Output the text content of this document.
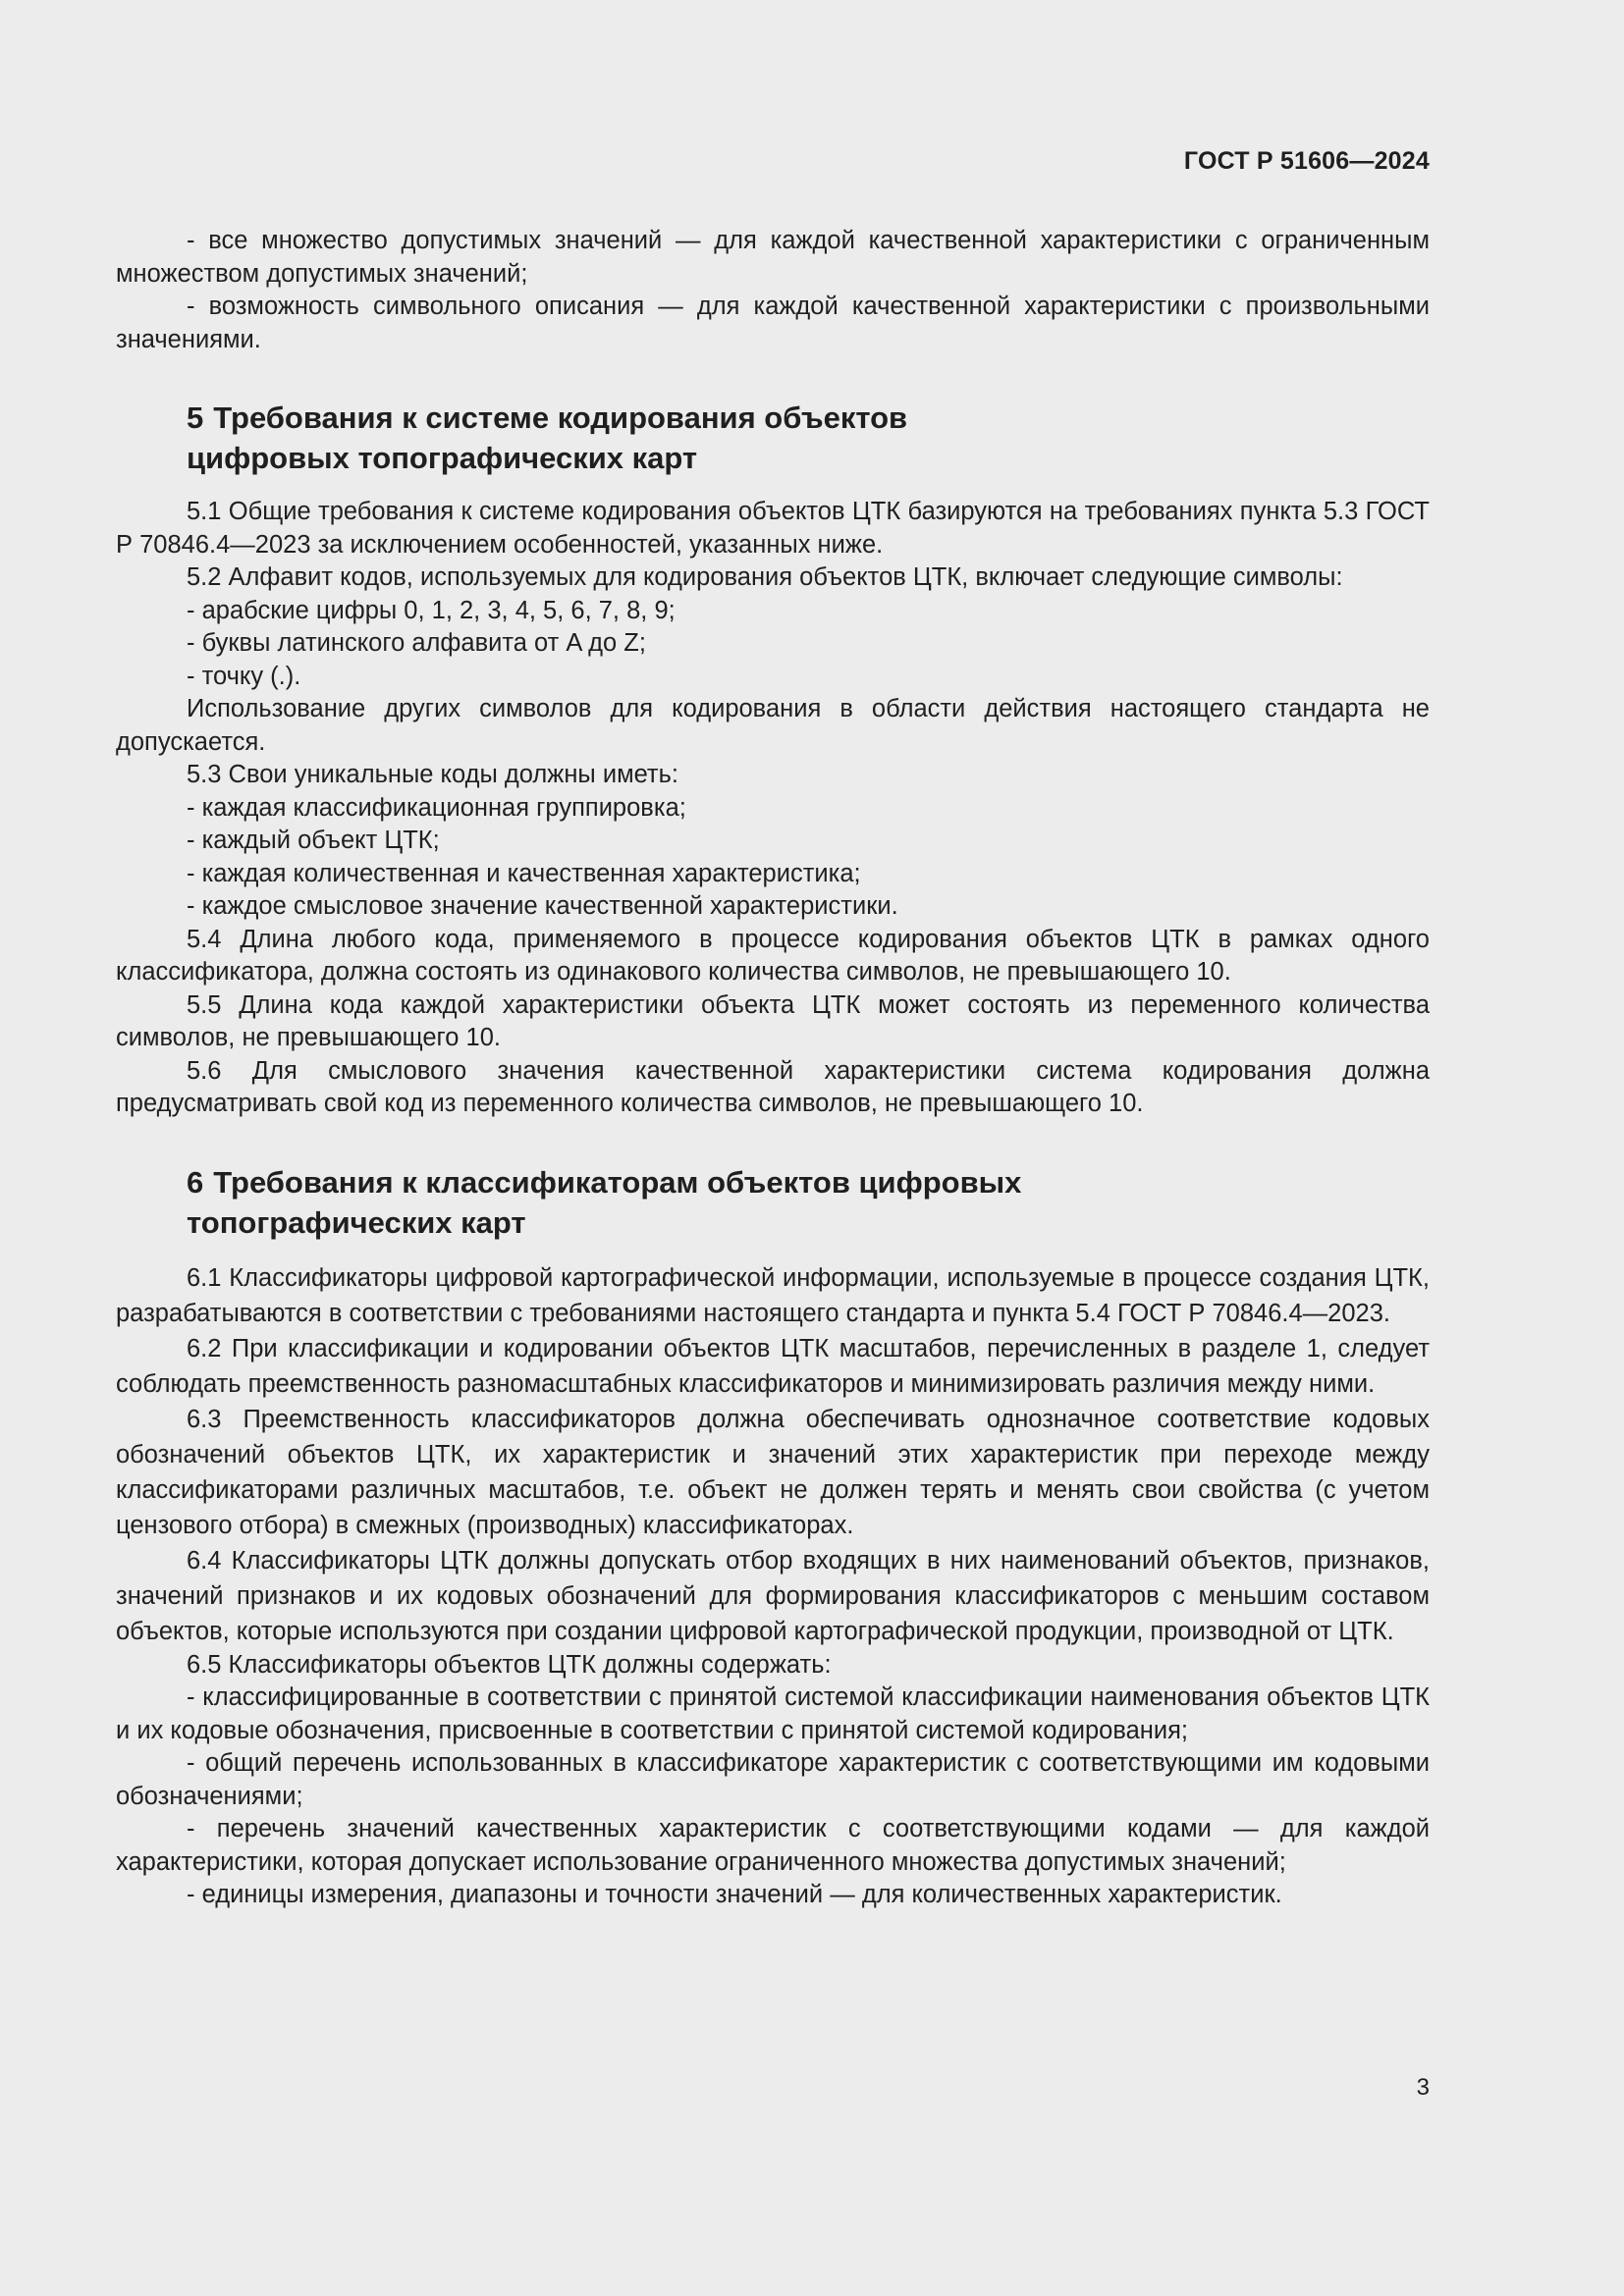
ГОСТ Р 51606—2024

- все множество допустимых значений — для каждой качественной характеристики с ограниченным множеством допустимых значений;

- возможность символьного описания — для каждой качественной характеристики с произвольными значениями.

5 Требования к системе кодирования объектов
цифровых топографических карт

5.1 Общие требования к системе кодирования объектов ЦТК базируются на требованиях пункта 5.3 ГОСТ Р 70846.4—2023 за исключением особенностей, указанных ниже.

5.2 Алфавит кодов, используемых для кодирования объектов ЦТК, включает следующие символы:

- арабские цифры 0, 1, 2, 3, 4, 5, 6, 7, 8, 9;

- буквы латинского алфавита от A до Z;

- точку (.).

Использование других символов для кодирования в области действия настоящего стандарта не допускается.

5.3 Свои уникальные коды должны иметь:

- каждая классификационная группировка;

- каждый объект ЦТК;

- каждая количественная и качественная характеристика;

- каждое смысловое значение качественной характеристики.

5.4 Длина любого кода, применяемого в процессе кодирования объектов ЦТК в рамках одного классификатора, должна состоять из одинакового количества символов, не превышающего 10.

5.5 Длина кода каждой характеристики объекта ЦТК может состоять из переменного количества символов, не превышающего 10.

5.6 Для смыслового значения качественной характеристики система кодирования должна предусматривать свой код из переменного количества символов, не превышающего 10.

6 Требования к классификаторам объектов цифровых
топографических карт

6.1 Классификаторы цифровой картографической информации, используемые в процессе создания ЦТК, разрабатываются в соответствии с требованиями настоящего стандарта и пункта 5.4 ГОСТ Р 70846.4—2023.

6.2 При классификации и кодировании объектов ЦТК масштабов, перечисленных в разделе 1, следует соблюдать преемственность разномасштабных классификаторов и минимизировать различия между ними.

6.3 Преемственность классификаторов должна обеспечивать однозначное соответствие кодовых обозначений объектов ЦТК, их характеристик и значений этих характеристик при переходе между классификаторами различных масштабов, т.е. объект не должен терять и менять свои свойства (с учетом цензового отбора) в смежных (производных) классификаторах.

6.4 Классификаторы ЦТК должны допускать отбор входящих в них наименований объектов, признаков, значений признаков и их кодовых обозначений для формирования классификаторов с меньшим составом объектов, которые используются при создании цифровой картографической продукции, производной от ЦТК.

6.5 Классификаторы объектов ЦТК должны содержать:

- классифицированные в соответствии с принятой системой классификации наименования объектов ЦТК и их кодовые обозначения, присвоенные в соответствии с принятой системой кодирования;

- общий перечень использованных в классификаторе характеристик с соответствующими им кодовыми обозначениями;

- перечень значений качественных характеристик с соответствующими кодами — для каждой характеристики, которая допускает использование ограниченного множества допустимых значений;

- единицы измерения, диапазоны и точности значений — для количественных характеристик.

3
